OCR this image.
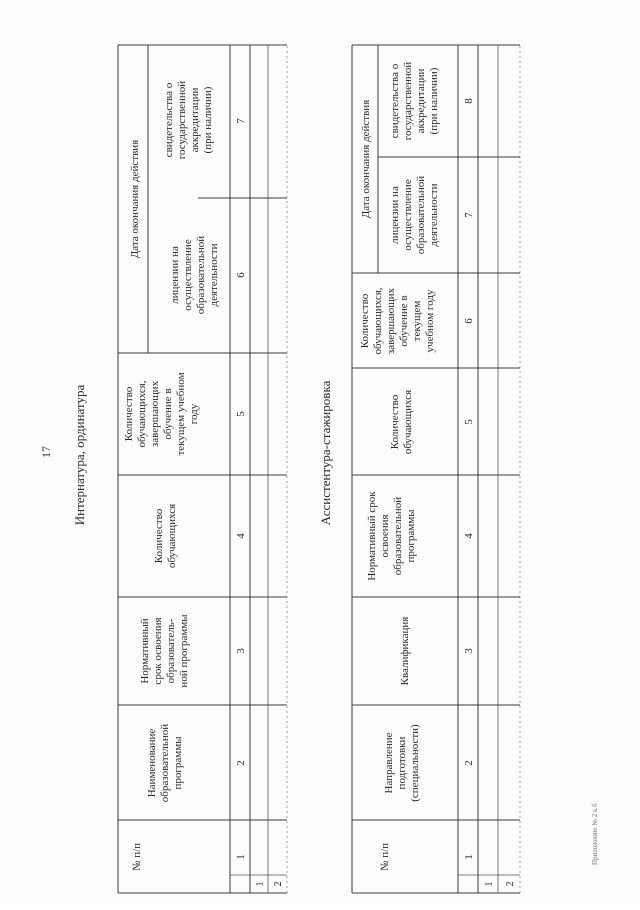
17 Интернатура, ординатура
№ п/п
Наименованиеобразовательнойпрограммы
Нормативныйсрок освоенияобразователь-ной программы
Количествообучающихся
Количествообучающихся,завершающихобучение втекущем учебномгоду
Дата окончания действия
лицензии наосуществлениеобразовательнойдеятельности
свидетельства огосударственнойаккредитации(при наличии)
1
2
3
4
5
6
7
1 2
Ассистентура-стажировка
№ п/п
Направлениеподготовки(специальности)
Квалификация
Нормативный срокосвоенияобразовательнойпрограммы
Количествообучающихся
Количествообучающихся,завершающихобучение втекущемучебном году
Дата окончания действия лицензии наосуществлениеобразовательнойдеятельности
свидетельства огосударственнойаккредитации(при наличии)
1
2
3
4
5
6
7
8
1 2
Приложение № 2 к б
